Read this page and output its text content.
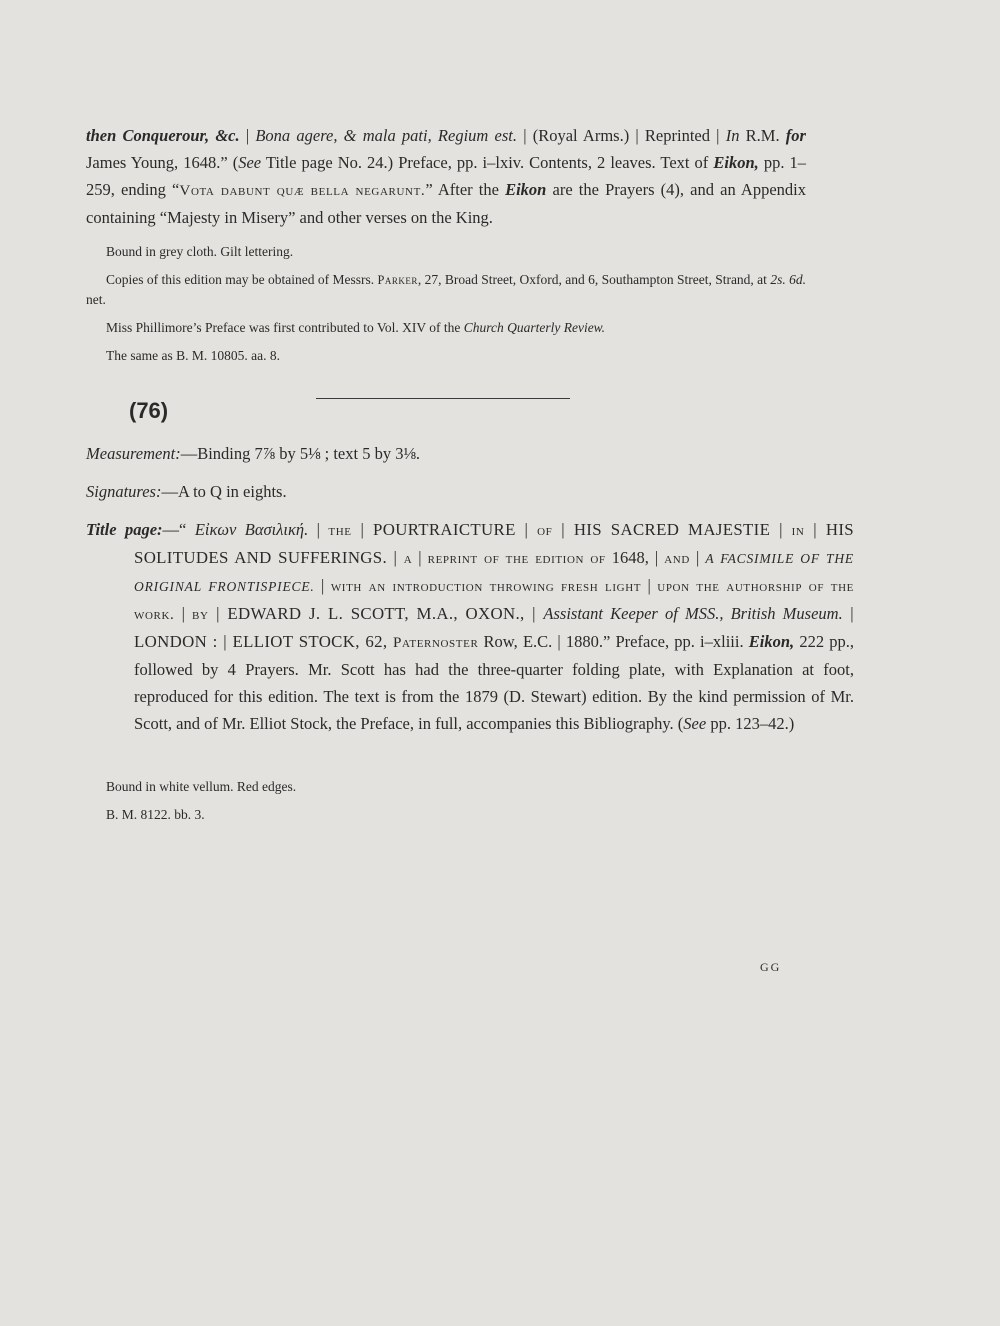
then Conquerour, &c. | Bona agere, & mala pati, Regium est. | (Royal Arms.) | Reprinted | In R.M. for James Young, 1648.” (See Title page No. 24.) Preface, pp. i–lxiv. Contents, 2 leaves. Text of Eikon, pp. 1–259, ending “Vota dabunt quæ bella negarunt.” After the Eikon are the Prayers (4), and an Appendix containing “Majesty in Misery” and other verses on the King.

Bound in grey cloth. Gilt lettering.

Copies of this edition may be obtained of Messrs. Parker, 27, Broad Street, Oxford, and 6, Southampton Street, Strand, at 2s. 6d. net.

Miss Phillimore’s Preface was first contributed to Vol. XIV of the Church Quarterly Review.

The same as B. M. 10805. aa. 8.

(76)

Measurement:—Binding 7⅞ by 5⅛ ; text 5 by 3⅛.

Signatures:—A to Q in eights.

Title page:—“ Εἰκων Βασιλική. | the | POURTRAICTURE | of | HIS SACRED MAJESTIE | in | HIS SOLITUDES AND SUFFERINGS. | a | reprint of the edition of 1648, | and | A FACSIMILE OF THE ORIGINAL FRONTISPIECE. | with an introduction throwing fresh light | upon the authorship of the work. | by | EDWARD J. L. SCOTT, M.A., OXON., | Assistant Keeper of MSS., British Museum. | LONDON : | ELLIOT STOCK, 62, Paternoster Row, E.C. | 1880.” Preface, pp. i–xliii. Eikon, 222 pp., followed by 4 Prayers. Mr. Scott has had the three-quarter folding plate, with Explanation at foot, reproduced for this edition. The text is from the 1879 (D. Stewart) edition. By the kind permission of Mr. Scott, and of Mr. Elliot Stock, the Preface, in full, accompanies this Bibliography. (See pp. 123–42.)

Bound in white vellum. Red edges.

B. M. 8122. bb. 3.

GG
